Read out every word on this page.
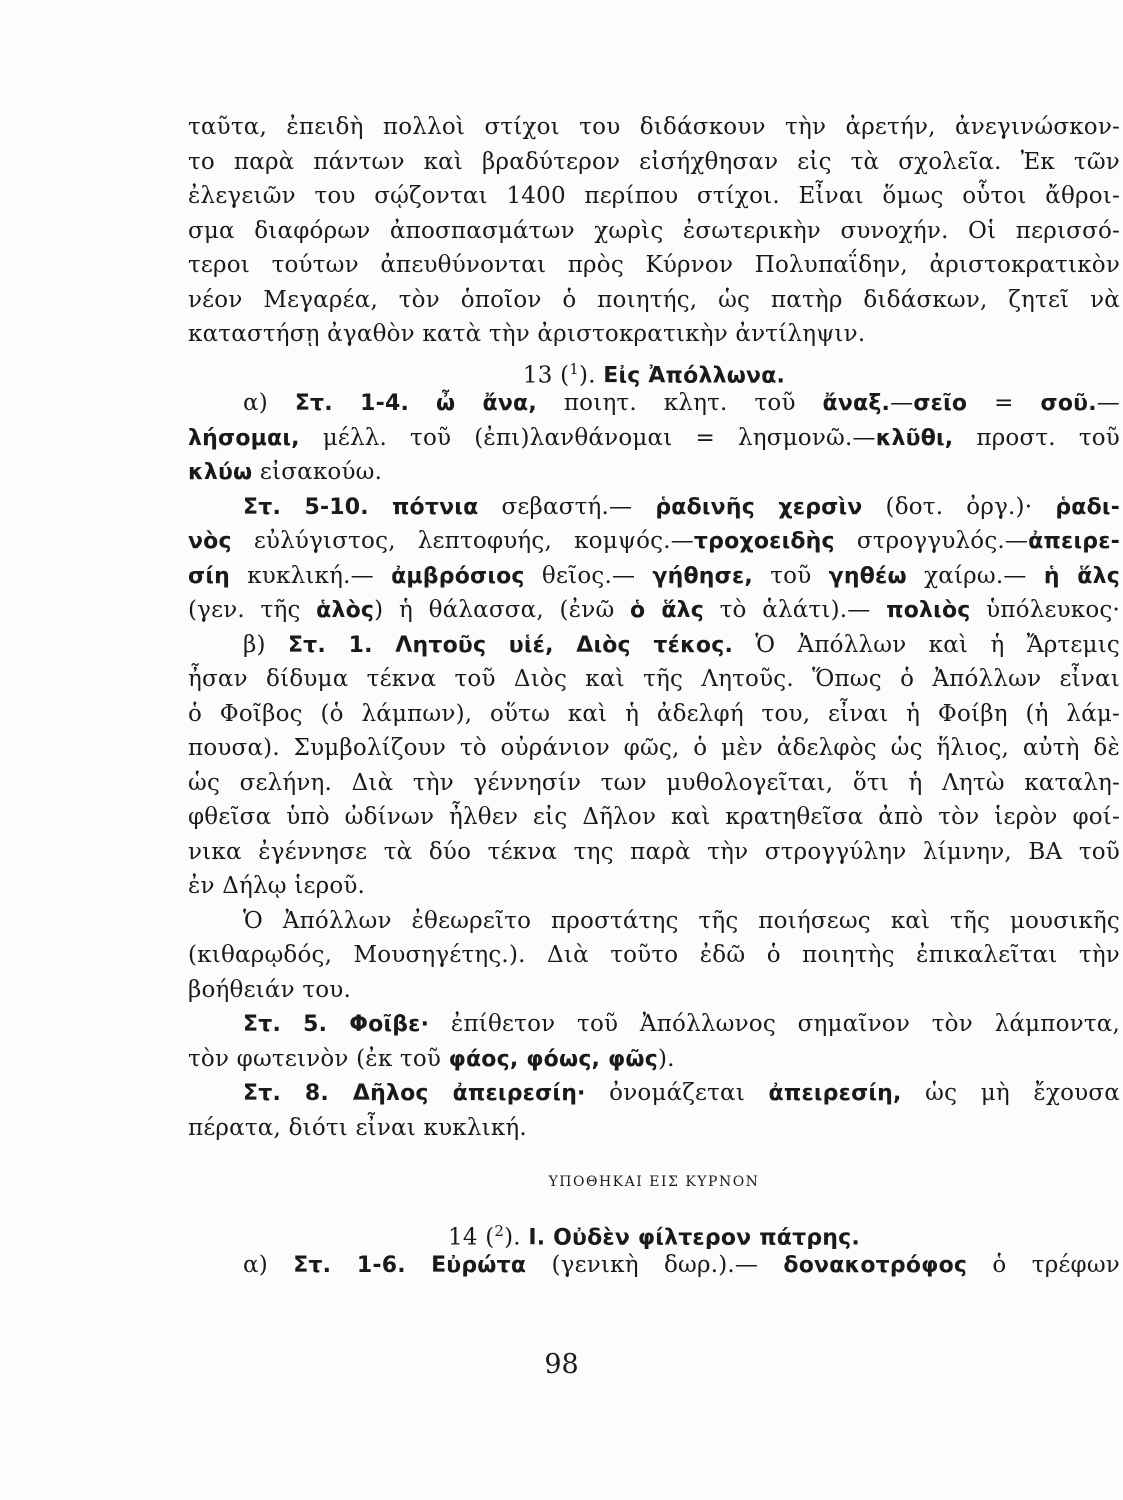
ταῦτα, ἐπειδὴ πολλοὶ στίχοι του διδάσκουν τὴν ἀρετήν, ἀνεγινώσκον-
το παρὰ πάντων καὶ βραδύτερον εἰσήχθησαν εἰς τὰ σχολεῖα. Ἐκ τῶν
ἐλεγειῶν του σῴζονται 1400 περίπου στίχοι. Εἶναι ὅμως οὗτοι ἄθροι-
σμα διαφόρων ἀποσπασμάτων χωρὶς ἐσωτερικὴν συνοχήν. Οἱ περισσό-
τεροι τούτων ἀπευθύνονται πρὸς Κύρνον Πολυπαΐδην, ἀριστοκρατικὸν
νέον Μεγαρέα, τὸν ὁποῖον ὁ ποιητής, ὡς πατὴρ διδάσκων, ζητεῖ νὰ
καταστήσῃ ἀγαθὸν κατὰ τὴν ἀριστοκρατικὴν ἀντίληψιν.
13 ($^1$). Εἰς Ἀπόλλωνα.
α) Στ. 1-4. ὦ ἄνα, ποιητ. κλητ. τοῦ ἄναξ.—σεῖο = σοῦ.—
λήσομαι, μέλλ. τοῦ (ἐπι)λανθάνομαι = λησμονῶ.—κλῦθι, προστ. τοῦ
κλύω εἰσακούω.
Στ. 5-10. πότνια σεβαστή.— ῥαδινῆς χερσὶν (δοτ. ὀργ.)· ῥαδι-
νὸς εὐλύγιστος, λεπτοφυής, κομψός.—τροχοειδὴς στρογγυλός.—ἀπειρε-
σίη κυκλική.— ἀμβρόσιος θεῖος.— γήθησε, τοῦ γηθέω χαίρω.— ἡ ἅλς
(γεν. τῆς ἁλὸς) ἡ θάλασσα, (ἐνῶ ὁ ἅλς τὸ ἁλάτι).— πολιὸς ὑπόλευκος·
β) Στ. 1. Λητοῦς υἱέ, Διὸς τέκος. Ὁ Ἀπόλλων καὶ ἡ Ἄρτεμις
ἦσαν δίδυμα τέκνα τοῦ Διὸς καὶ τῆς Λητοῦς. Ὅπως ὁ Ἀπόλλων εἶναι
ὁ Φοῖβος (ὁ λάμπων), οὕτω καὶ ἡ ἀδελφή του, εἶναι ἡ Φοίβη (ἡ λάμ-
πουσα). Συμβολίζουν τὸ οὐράνιον φῶς, ὁ μὲν ἀδελφὸς ὡς ἥλιος, αὐτὴ δὲ
ὡς σελήνη. Διὰ τὴν γέννησίν των μυθολογεῖται, ὅτι ἡ Λητὼ καταλη-
φθεῖσα ὑπὸ ὠδίνων ἦλθεν εἰς Δῆλον καὶ κρατηθεῖσα ἀπὸ τὸν ἱερὸν φοί-
νικα ἐγέννησε τὰ δύο τέκνα της παρὰ τὴν στρογγύλην λίμνην, ΒΑ τοῦ
ἐν Δήλῳ ἱεροῦ.
Ὁ Ἀπόλλων ἐθεωρεῖτο προστάτης τῆς ποιήσεως καὶ τῆς μουσικῆς
(κιθαρῳδός, Μουσηγέτης.). Διὰ τοῦτο ἐδῶ ὁ ποιητὴς ἐπικαλεῖται τὴν
βοήθειάν του.
Στ. 5. Φοῖβε· ἐπίθετον τοῦ Ἀπόλλωνος σημαῖνον τὸν λάμποντα,
τὸν φωτεινὸν (ἐκ τοῦ φάος, φόως, φῶς).
Στ. 8. Δῆλος ἀπειρεσίη· ὀνομάζεται ἀπειρεσίη, ὡς μὴ ἔχουσα
πέρατα, διότι εἶναι κυκλική.
ΥΠΟΘΗΚΑΙ ΕΙΣ ΚΥΡΝΟΝ
14 ($^2$). Ι. Οὐδὲν φίλτερον πάτρης.
α) Στ. 1-6. Εὐρώτα (γενικὴ δωρ.).— δονακοτρόφος ὁ τρέφων
98
